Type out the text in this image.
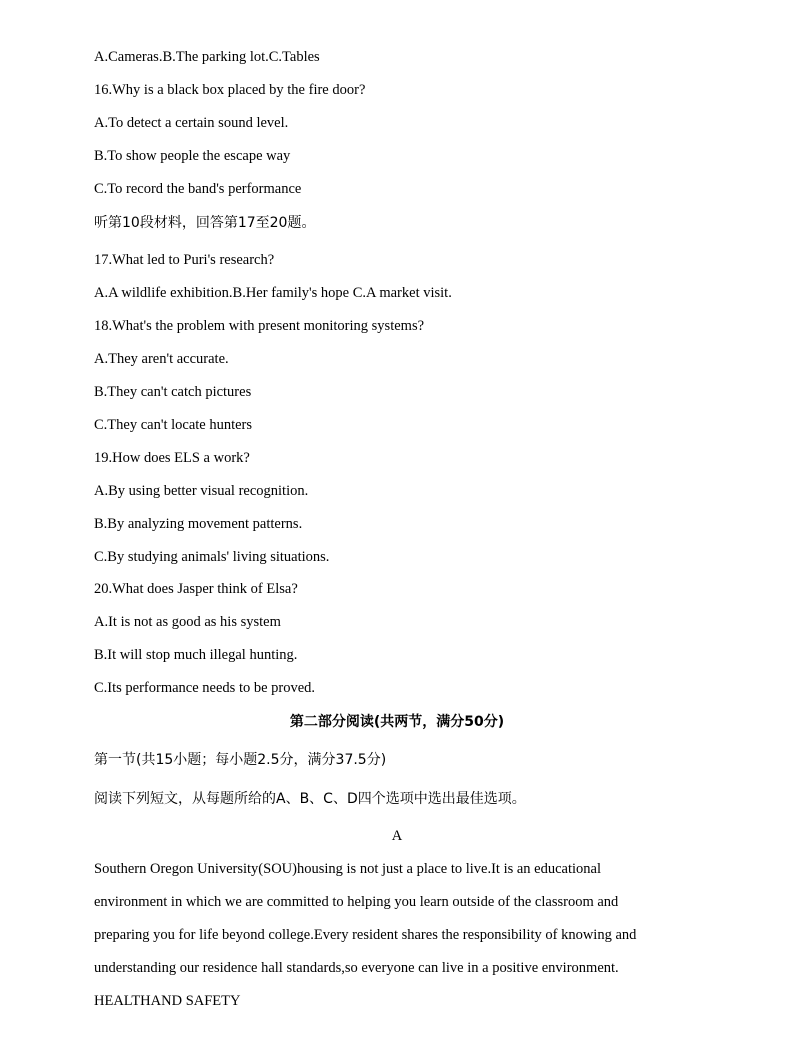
A.Cameras.B.The parking lot.C.Tables
16.Why is a black box placed by the fire door?
A.To detect a certain sound level.
B.To show people the escape way
C.To record the band's performance
听第10段材料，回答第17至20题。
17.What led to Puri's research?
A.A wildlife exhibition.B.Her family's hope C.A market visit.
18.What's the problem with present monitoring systems?
A.They aren't accurate.
B.They can't catch pictures
C.They can't locate hunters
19.How does ELS a work?
A.By using better visual recognition.
B.By analyzing movement patterns.
C.By studying animals' living situations.
20.What does Jasper think of Elsa?
A.It is not as good as his system
B.It will stop much illegal hunting.
C.Its performance needs to be proved.
第二部分阅读(共两节，满分50分)
第一节(共15小题；每小题2.5分，满分37.5分)
阅读下列短文，从每题所给的A、B、C、D四个选项中选出最佳选项。
A
Southern Oregon University(SOU)housing is not just a place to live.It is an educational
environment in which we are committed to helping you learn outside of the classroom and
preparing you for life beyond college.Every resident shares the responsibility of knowing and
understanding our residence hall standards,so everyone can live in a positive environment.
HEALTHAND SAFETY
